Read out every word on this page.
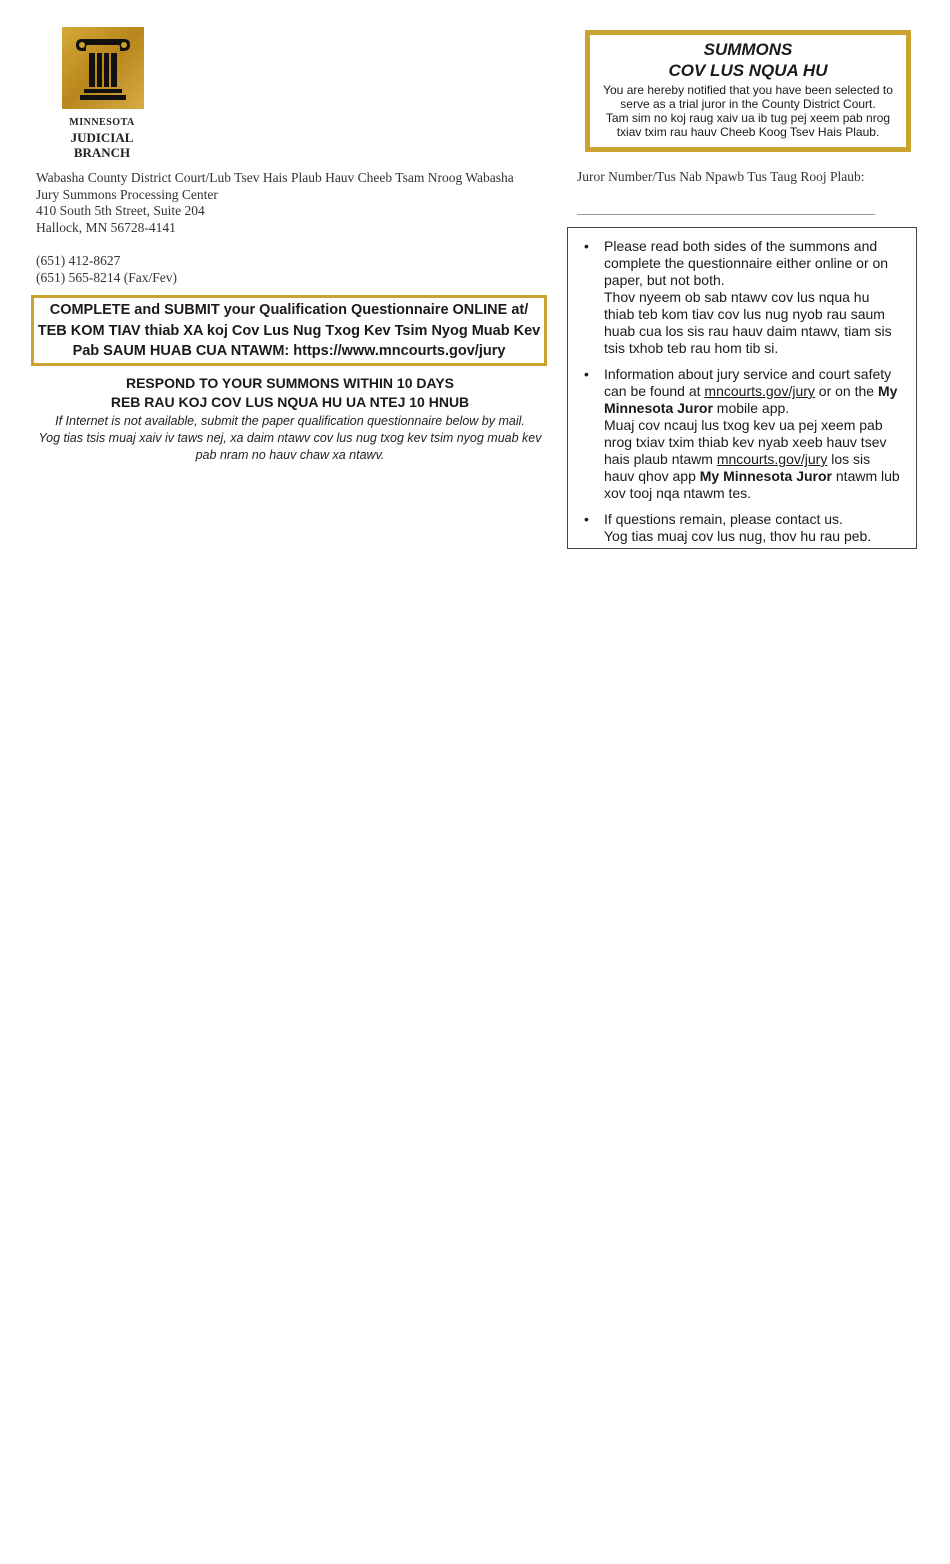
MINNESOTA
JUDICIAL
BRANCH
SUMMONS
COV LUS NQUA HU
You are hereby notified that you have been selected to serve as a trial juror in the County District Court.
Tam sim no koj raug xaiv ua ib tug pej xeem pab nrog txiav txim rau hauv Cheeb Koog Tsev Hais Plaub.
Wabasha County District Court/Lub Tsev Hais Plaub Hauv Cheeb Tsam Nroog Wabasha
Jury Summons Processing Center
410 South 5th Street, Suite 204
Hallock, MN 56728-4141
(651) 412-8627
(651) 565-8214 (Fax/Fev)
Juror Number/Tus Nab Npawb Tus Taug Rooj Plaub:
COMPLETE and SUBMIT your Qualification Questionnaire ONLINE at/
TEB KOM TIAV thiab XA koj Cov Lus Nug Txog Kev Tsim Nyog Muab Kev
Pab SAUM HUAB CUA NTAWM: https://www.mncourts.gov/jury
RESPOND TO YOUR SUMMONS WITHIN 10 DAYS
REB RAU KOJ COV LUS NQUA HU UA NTEJ 10 HNUB
If Internet is not available, submit the paper qualification questionnaire below by mail.
Yog tias tsis muaj xaiv iv taws nej, xa daim ntawv cov lus nug txog kev tsim nyog muab kev pab nram no hauv chaw xa ntawv.
• Please read both sides of the summons and complete the questionnaire either online or on paper, but not both.
Thov nyeem ob sab ntawv cov lus nqua hu thiab teb kom tiav cov lus nug nyob rau saum huab cua los sis rau hauv daim ntawv, tiam sis tsis txhob teb rau hom tib si.
• Information about jury service and court safety can be found at mncourts.gov/jury or on the My Minnesota Juror mobile app.
Muaj cov ncauj lus txog kev ua pej xeem pab nrog txiav txim thiab kev nyab xeeb hauv tsev hais plaub ntawm mncourts.gov/jury los sis hauv qhov app My Minnesota Juror ntawm lub xov tooj nqa ntawm tes.
• If questions remain, please contact us.
Yog tias muaj cov lus nug, thov hu rau peb.
